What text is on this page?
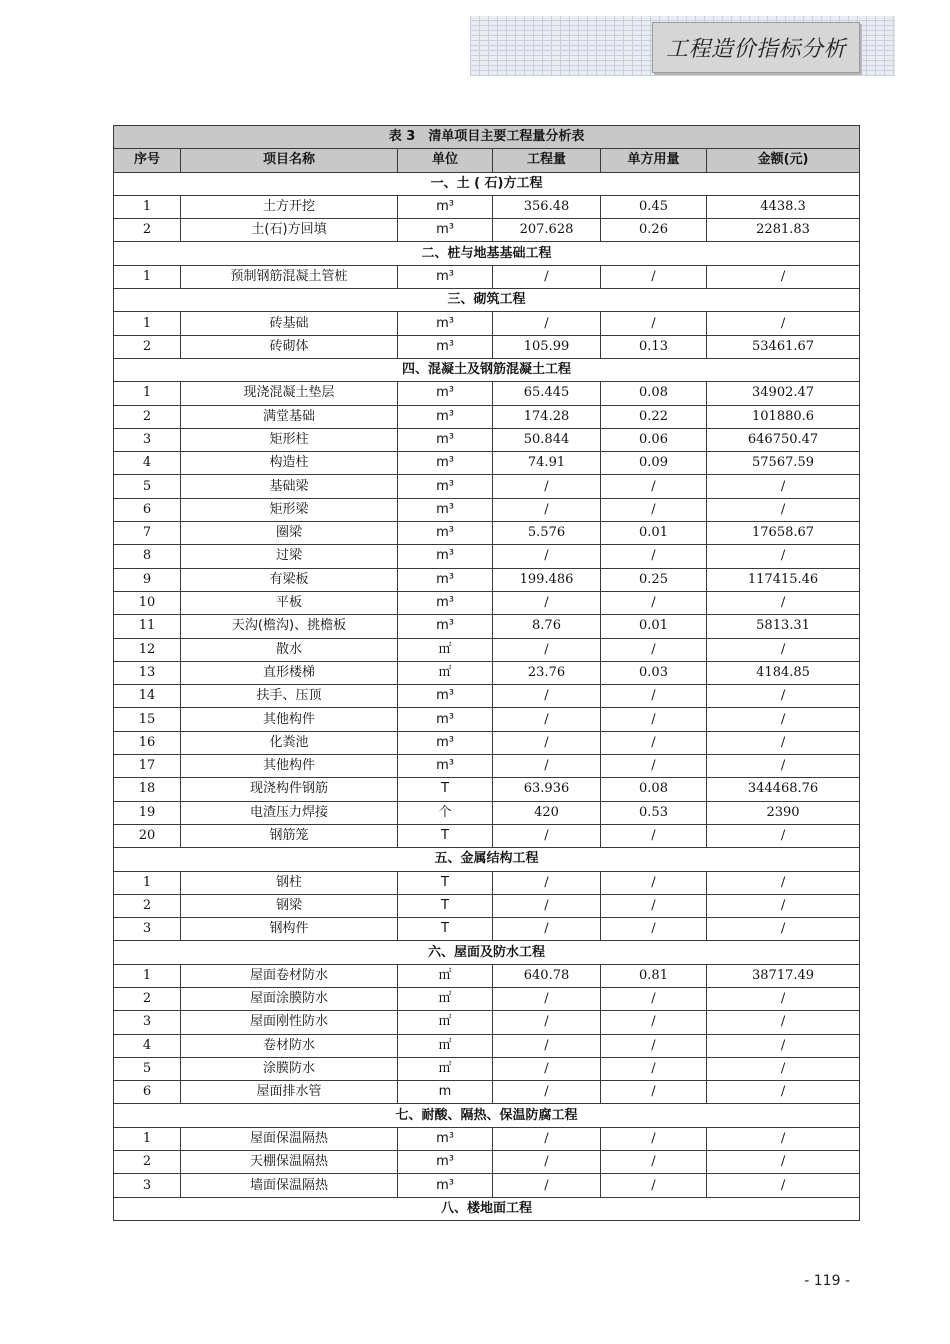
工程造价指标分析
表 3　清单项目主要工程量分析表					
序号	项目名称	单位	工程量	单方用量	金额(元)
一、土 ( 石)方工程					
1	土方开挖	m³	356.48	0.45	4438.3
2	土(石)方回填	m³	207.628	0.26	2281.83
二、桩与地基基础工程					
1	预制钢筋混凝土管桩	m³	/	/	/
三、砌筑工程					
1	砖基础	m³	/	/	/
2	砖砌体	m³	105.99	0.13	53461.67
四、混凝土及钢筋混凝土工程					
1	现浇混凝土垫层	m³	65.445	0.08	34902.47
2	满堂基础	m³	174.28	0.22	101880.6
3	矩形柱	m³	50.844	0.06	646750.47
4	构造柱	m³	74.91	0.09	57567.59
5	基础梁	m³	/	/	/
6	矩形梁	m³	/	/	/
7	圈梁	m³	5.576	0.01	17658.67
8	过梁	m³	/	/	/
9	有梁板	m³	199.486	0.25	117415.46
10	平板	m³	/	/	/
11	天沟(檐沟)、挑檐板	m³	8.76	0.01	5813.31
12	散水	㎡	/	/	/
13	直形楼梯	㎡	23.76	0.03	4184.85
14	扶手、压顶	m³	/	/	/
15	其他构件	m³	/	/	/
16	化粪池	m³	/	/	/
17	其他构件	m³	/	/	/
18	现浇构件钢筋	T	63.936	0.08	344468.76
19	电渣压力焊接	个	420	0.53	2390
20	钢筋笼	T	/	/	/
五、金属结构工程					
1	钢柱	T	/	/	/
2	钢梁	T	/	/	/
3	钢构件	T	/	/	/
六、屋面及防水工程					
1	屋面卷材防水	㎡	640.78	0.81	38717.49
2	屋面涂膜防水	㎡	/	/	/
3	屋面刚性防水	㎡	/	/	/
4	卷材防水	㎡	/	/	/
5	涂膜防水	㎡	/	/	/
6	屋面排水管	m	/	/	/
七、耐酸、隔热、保温防腐工程					
1	屋面保温隔热	m³	/	/	/
2	天棚保温隔热	m³	/	/	/
3	墙面保温隔热	m³	/	/	/
八、楼地面工程					
- 119 -
